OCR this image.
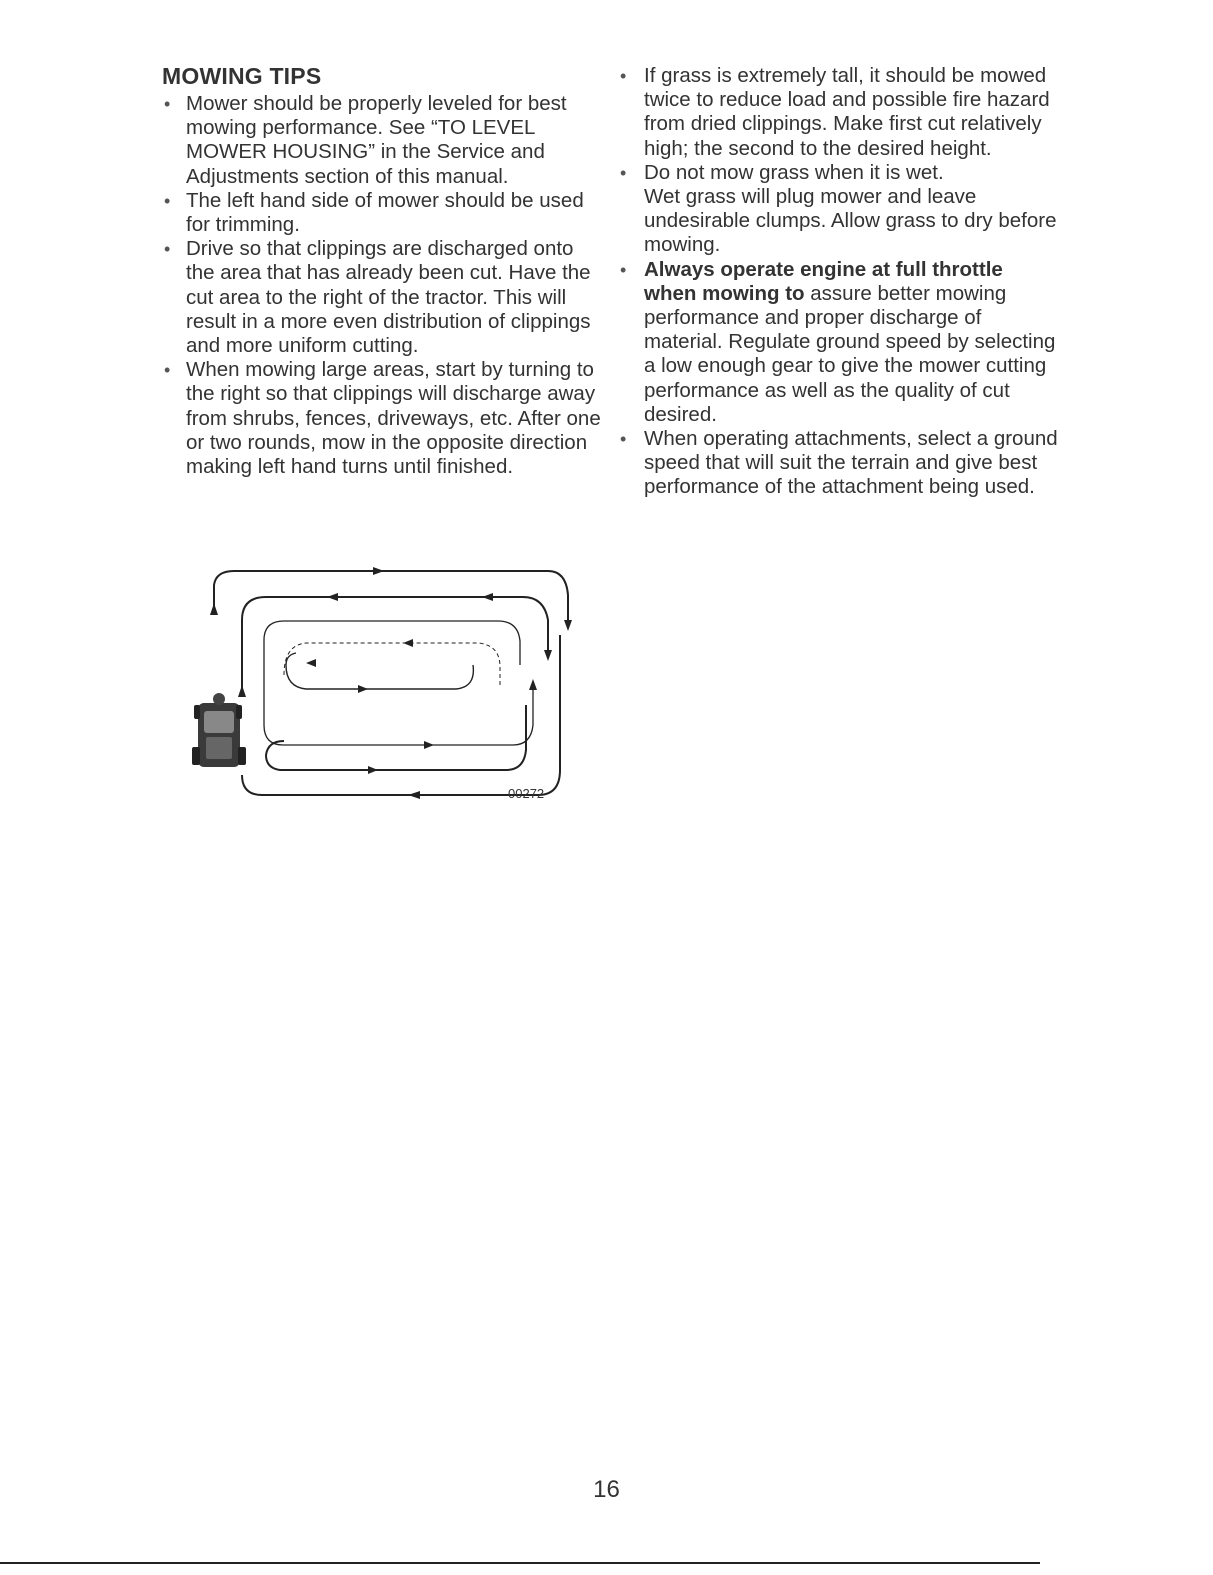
MOWING TIPS
• Mower should be properly leveled for best mowing performance. See “TO LEVEL MOWER HOUSING” in the Service and Adjustments section of this manual.
• The left hand side of mower should be used for trimming.
• Drive so that clippings are discharged onto the area that has already been cut. Have the cut area to the right of the tractor. This will result in a more even distribution of clippings and more uniform cutting.
• When mowing large areas, start by turning to the right so that clippings will discharge away from shrubs, fences, driveways, etc. After one or two rounds, mow in the opposite direction making left hand turns until finished.
• If grass is extremely tall, it should be mowed twice to reduce load and possible fire hazard from dried clippings. Make first cut relatively high; the second to the desired height.
• Do not mow grass when it is wet.
Wet grass will plug mower and leave undesirable clumps. Allow grass to dry before mowing.
• Always operate engine at full throttle when mowing to assure better mowing performance and proper discharge of material. Regulate ground speed by selecting a low enough gear to give the mower cutting performance as well as the quality of cut desired.
• When operating attachments, select a ground speed that will suit the terrain and give best performance of the attachment being used.
00272
16
